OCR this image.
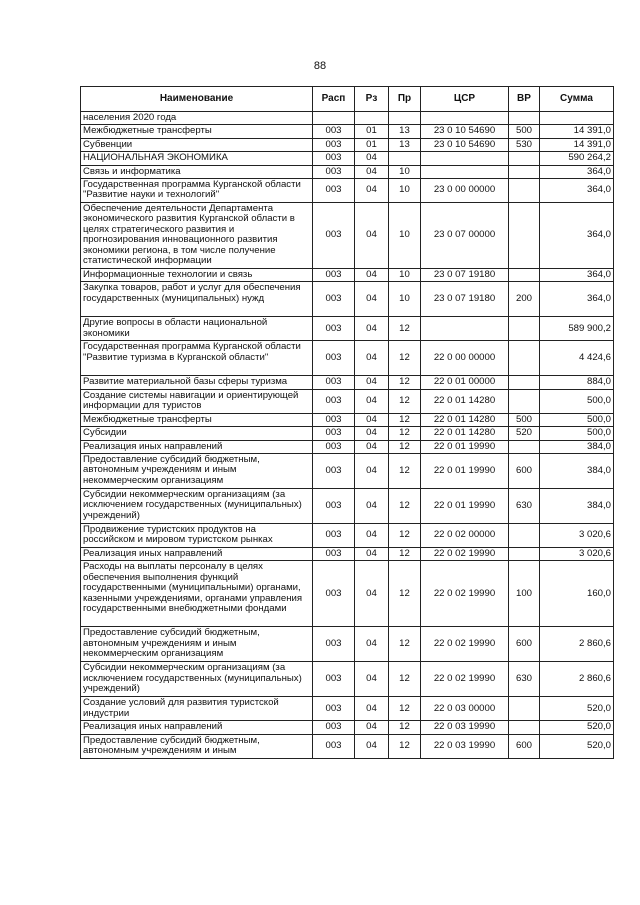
88
Наименование	Расп	Рз	Пр	ЦСР	ВР	Сумма
населения 2020 года						
Межбюджетные трансферты	003	01	13	23 0 10 54690	500	14 391,0
Субвенции	003	01	13	23 0 10 54690	530	14 391,0
НАЦИОНАЛЬНАЯ ЭКОНОМИКА	003	04				590 264,2
Связь и информатика	003	04	10			364,0
Государственная программа Курганской области "Развитие науки и технологий"	003	04	10	23 0 00 00000		364,0
Обеспечение деятельности Департамента экономического развития Курганской области в целях стратегического развития и прогнозирования инновационного развития экономики региона, в том числе получение статистической информации	003	04	10	23 0 07 00000		364,0
Информационные технологии и связь	003	04	10	23 0 07 19180		364,0
Закупка товаров, работ и услуг для обеспечения государственных (муниципальных) нужд	003	04	10	23 0 07 19180	200	364,0
Другие вопросы в области национальной экономики	003	04	12			589 900,2
Государственная программа Курганской области "Развитие туризма в Курганской области"	003	04	12	22 0 00 00000		4 424,6
Развитие материальной базы сферы туризма	003	04	12	22 0 01 00000		884,0
Создание системы навигации и ориентирующей информации для туристов	003	04	12	22 0 01 14280		500,0
Межбюджетные трансферты	003	04	12	22 0 01 14280	500	500,0
Субсидии	003	04	12	22 0 01 14280	520	500,0
Реализация иных направлений	003	04	12	22 0 01 19990		384,0
Предоставление субсидий бюджетным, автономным учреждениям и иным некоммерческим организациям	003	04	12	22 0 01 19990	600	384,0
Субсидии некоммерческим организациям (за исключением государственных (муниципальных) учреждений)	003	04	12	22 0 01 19990	630	384,0
Продвижение туристских продуктов на российском и мировом туристском рынках	003	04	12	22 0 02 00000		3 020,6
Реализация иных направлений	003	04	12	22 0 02 19990		3 020,6
Расходы на выплаты персоналу в целях обеспечения выполнения функций государственными (муниципальными) органами, казенными учреждениями, органами управления государственными внебюджетными фондами	003	04	12	22 0 02 19990	100	160,0
Предоставление субсидий бюджетным, автономным учреждениям и иным некоммерческим организациям	003	04	12	22 0 02 19990	600	2 860,6
Субсидии некоммерческим организациям (за исключением государственных (муниципальных) учреждений)	003	04	12	22 0 02 19990	630	2 860,6
Создание условий для развития туристской индустрии	003	04	12	22 0 03 00000		520,0
Реализация иных направлений	003	04	12	22 0 03 19990		520,0
Предоставление субсидий бюджетным, автономным учреждениям и иным	003	04	12	22 0 03 19990	600	520,0
